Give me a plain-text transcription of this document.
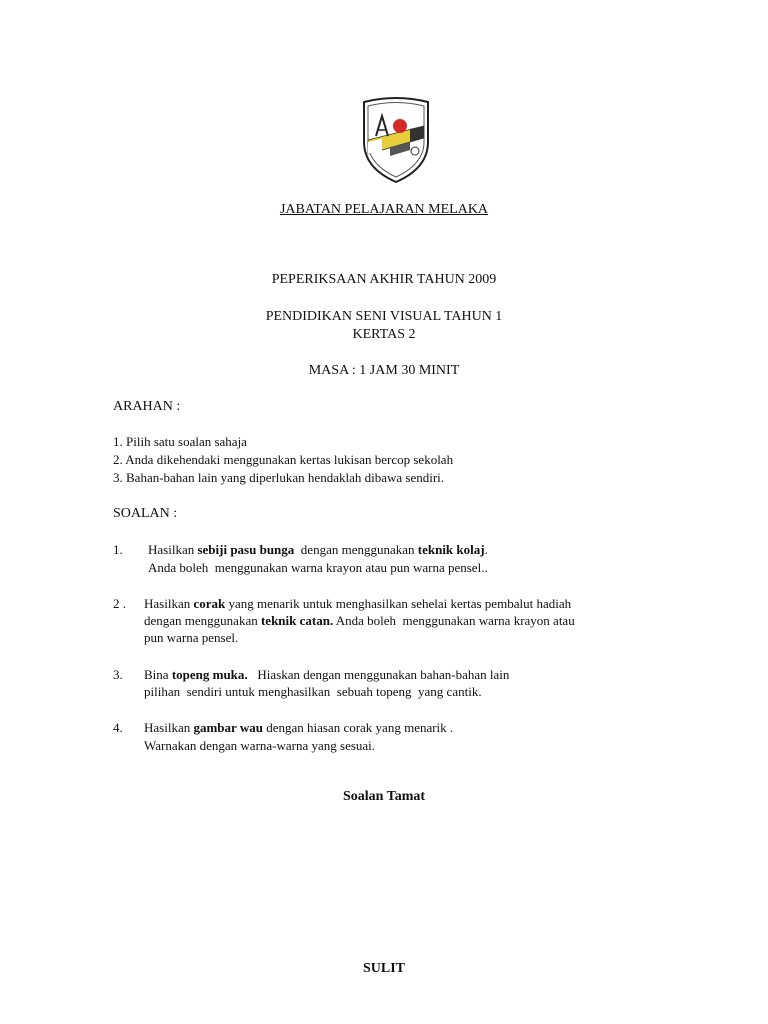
JABATAN PELAJARAN MELAKA
PEPERIKSAAN AKHIR TAHUN 2009
PENDIDIKAN SENI VISUAL TAHUN 1
KERTAS 2
MASA : 1 JAM 30 MINIT
ARAHAN :
1. Pilih satu soalan sahaja
2. Anda dikehendaki menggunakan kertas lukisan bercop sekolah
3. Bahan-bahan lain yang diperlukan hendaklah dibawa sendiri.
SOALAN :
1. Hasilkan sebiji pasu bunga  dengan menggunakan teknik kolaj.
Anda boleh  menggunakan warna krayon atau pun warna pensel..
2 . Hasilkan corak yang menarik untuk menghasilkan sehelai kertas pembalut hadiah
dengan menggunakan teknik catan. Anda boleh  menggunakan warna krayon atau
pun warna pensel.
3. Bina topeng muka.   Hiaskan dengan menggunakan bahan-bahan lain
pilihan  sendiri untuk menghasilkan  sebuah topeng  yang cantik.
4. Hasilkan gambar wau dengan hiasan corak yang menarik .
Warnakan dengan warna-warna yang sesuai.
Soalan Tamat
SULIT
